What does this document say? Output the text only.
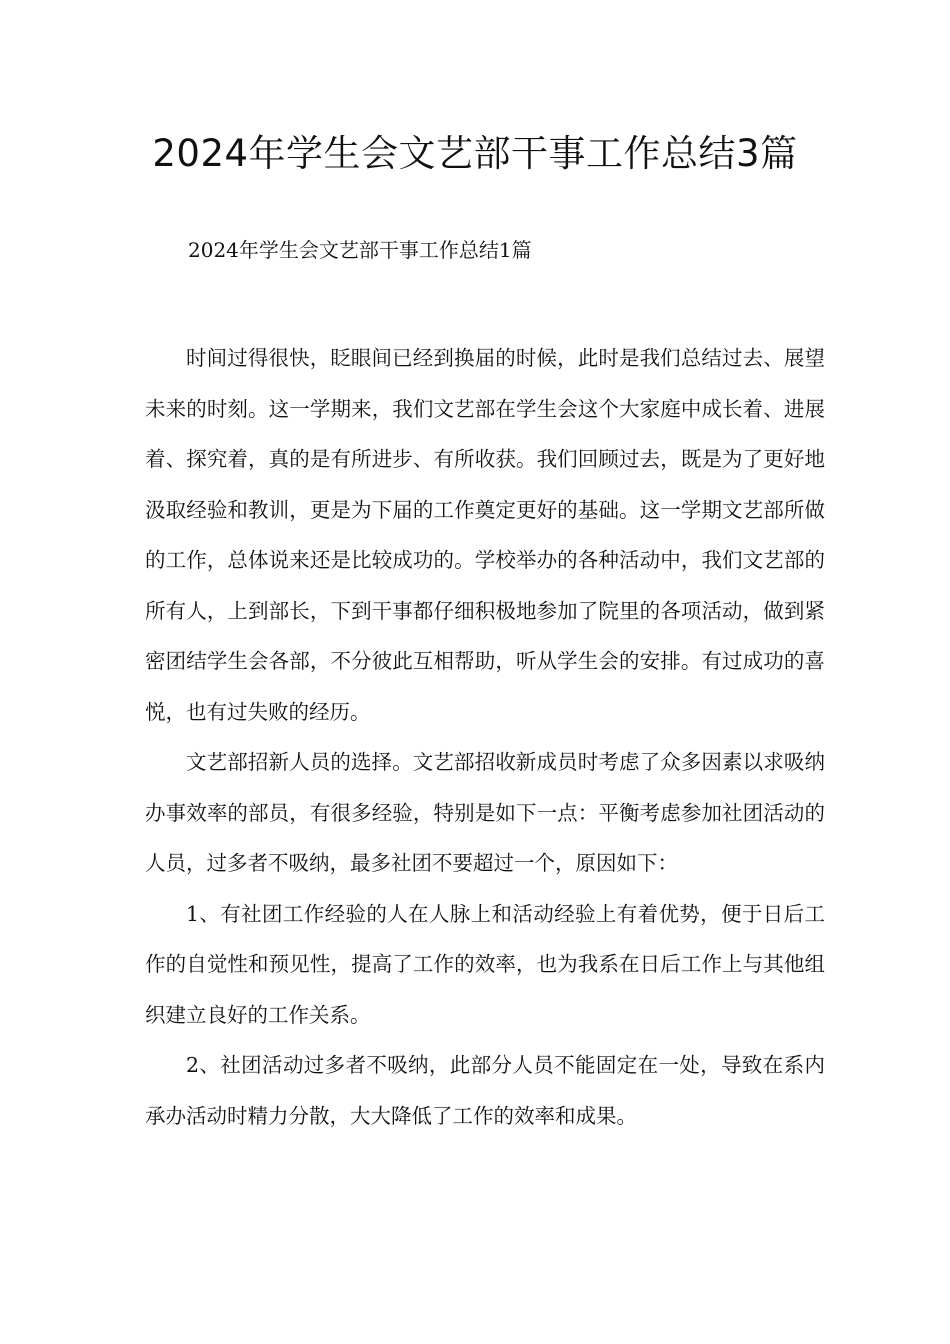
2024年学生会文艺部干事工作总结3篇
2024年学生会文艺部干事工作总结1篇

时间过得很快，眨眼间已经到换届的时候，此时是我们总结过去、展望未来的时刻。这一学期来，我们文艺部在学生会这个大家庭中成长着、进展着、探究着，真的是有所进步、有所收获。我们回顾过去，既是为了更好地汲取经验和教训，更是为下届的工作奠定更好的基础。这一学期文艺部所做的工作，总体说来还是比较成功的。学校举办的各种活动中，我们文艺部的所有人，上到部长，下到干事都仔细积极地参加了院里的各项活动，做到紧密团结学生会各部，不分彼此互相帮助，听从学生会的安排。有过成功的喜悦，也有过失败的经历。

文艺部招新人员的选择。文艺部招收新成员时考虑了众多因素以求吸纳办事效率的部员，有很多经验，特别是如下一点：平衡考虑参加社团活动的人员，过多者不吸纳，最多社团不要超过一个，原因如下：

1、有社团工作经验的人在人脉上和活动经验上有着优势，便于日后工作的自觉性和预见性，提高了工作的效率，也为我系在日后工作上与其他组织建立良好的工作关系。

2、社团活动过多者不吸纳，此部分人员不能固定在一处，导致在系内承办活动时精力分散，大大降低了工作的效率和成果。
